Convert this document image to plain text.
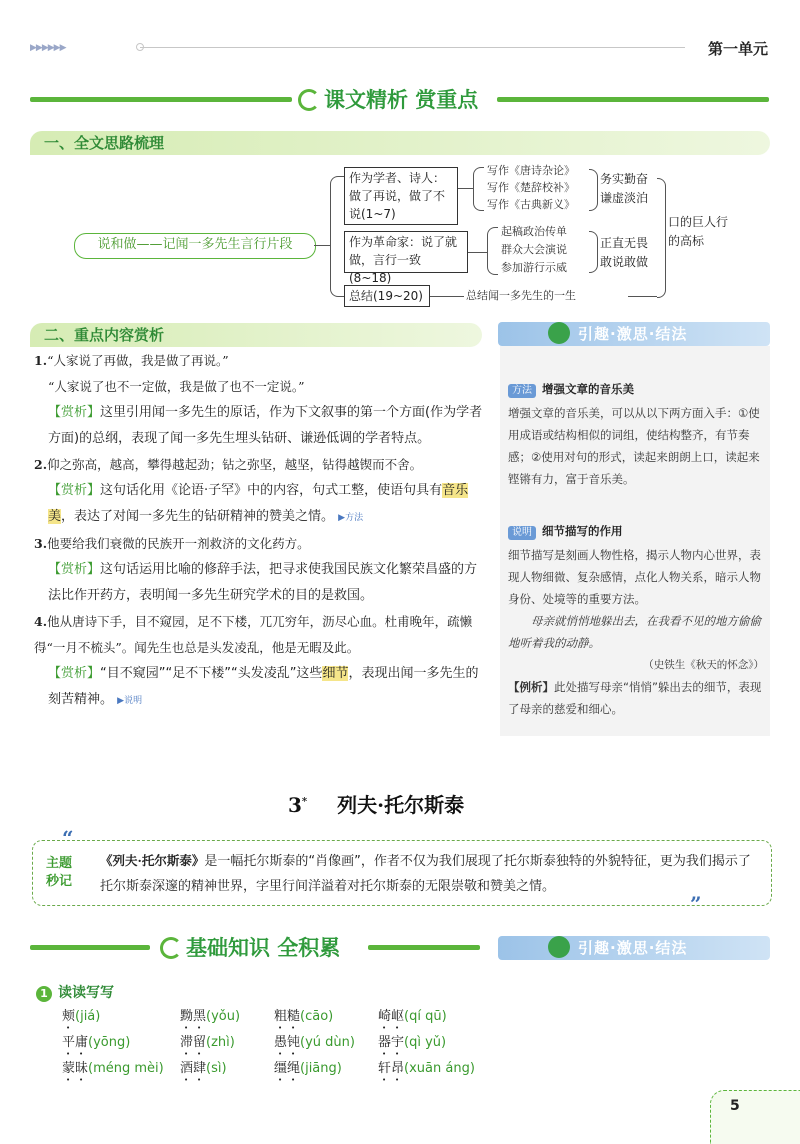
▶▶▶▶▶▶	第一单元
课文精析 赏重点
一、全文思路梳理
说和做——记闻一多先生言行片段
作为学者、诗人：做了再说，做了不说(1~7)
写作《唐诗杂论》
写作《楚辞校补》
写作《古典新义》
务实勤奋谦虚淡泊
作为革命家：说了就做，言行一致(8~18)
起稿政治传单
群众大会演说
参加游行示威
正直无畏敢说敢做
总结(19~20)	总结闻一多先生的一生
口的巨人行的高标
二、重点内容赏析
1.“人家说了再做，我是做了再说。”
“人家说了也不一定做，我是做了也不一定说。”
【赏析】这里引用闻一多先生的原话，作为下文叙事的第一个方面(作为学者方面)的总纲，表现了闻一多先生埋头钻研、谦逊低调的学者特点。
2.仰之弥高，越高，攀得越起劲；钻之弥坚，越坚，钻得越锲而不舍。
【赏析】这句话化用《论语·子罕》中的内容，句式工整，使语句具有音乐美，表达了对闻一多先生的钻研精神的赞美之情。 ▶方法
3.他要给我们衰微的民族开一剂救济的文化药方。
【赏析】这句话运用比喻的修辞手法，把寻求使我国民族文化繁荣昌盛的方法比作开药方，表明闻一多先生研究学术的目的是救国。
4.他从唐诗下手，目不窥园，足不下楼，兀兀穷年，沥尽心血。杜甫晚年，疏懒得“一月不梳头”。闻先生也总是头发凌乱，他是无暇及此。
【赏析】“目不窥园”“足不下楼”“头发凌乱”这些细节，表现出闻一多先生的刻苦精神。 ▶说明
引趣·激思·结法
方法 增强文章的音乐美
增强文章的音乐美，可以从以下两方面入手：①使用成语或结构相似的词组，使结构整齐，有节奏感；②使用对句的形式，读起来朗朗上口，读起来铿锵有力，富于音乐美。
说明 细节描写的作用
细节描写是刻画人物性格，揭示人物内心世界，表现人物细微、复杂感情，点化人物关系，暗示人物身份、处境等的重要方法。
母亲就悄悄地躲出去，在我看不见的地方偷偷地听着我的动静。
（史铁生《秋天的怀念》）
【例析】此处描写母亲“悄悄”躲出去的细节，表现了母亲的慈爱和细心。
3* 列夫·托尔斯泰
“
”
主题
秒记
《列夫·托尔斯泰》是一幅托尔斯泰的“肖像画”，作者不仅为我们展现了托尔斯泰独特的外貌特征，更为我们揭示了托尔斯泰深邃的精神世界，字里行间洋溢着对托尔斯泰的无限崇敬和赞美之情。
基础知识 全积累	引趣·激思·结法
1 读读写写
颊(jiá)	黝黑(yǒu)	粗糙(cāo)	崎岖(qí qū)
平庸(yōng)	滞留(zhì)	愚钝(yú dùn) 器宇(qì yǔ)
蒙昧(méng mèi) 酒肆(sì)	缰绳(jiāng)	轩昂(xuān áng)
5
